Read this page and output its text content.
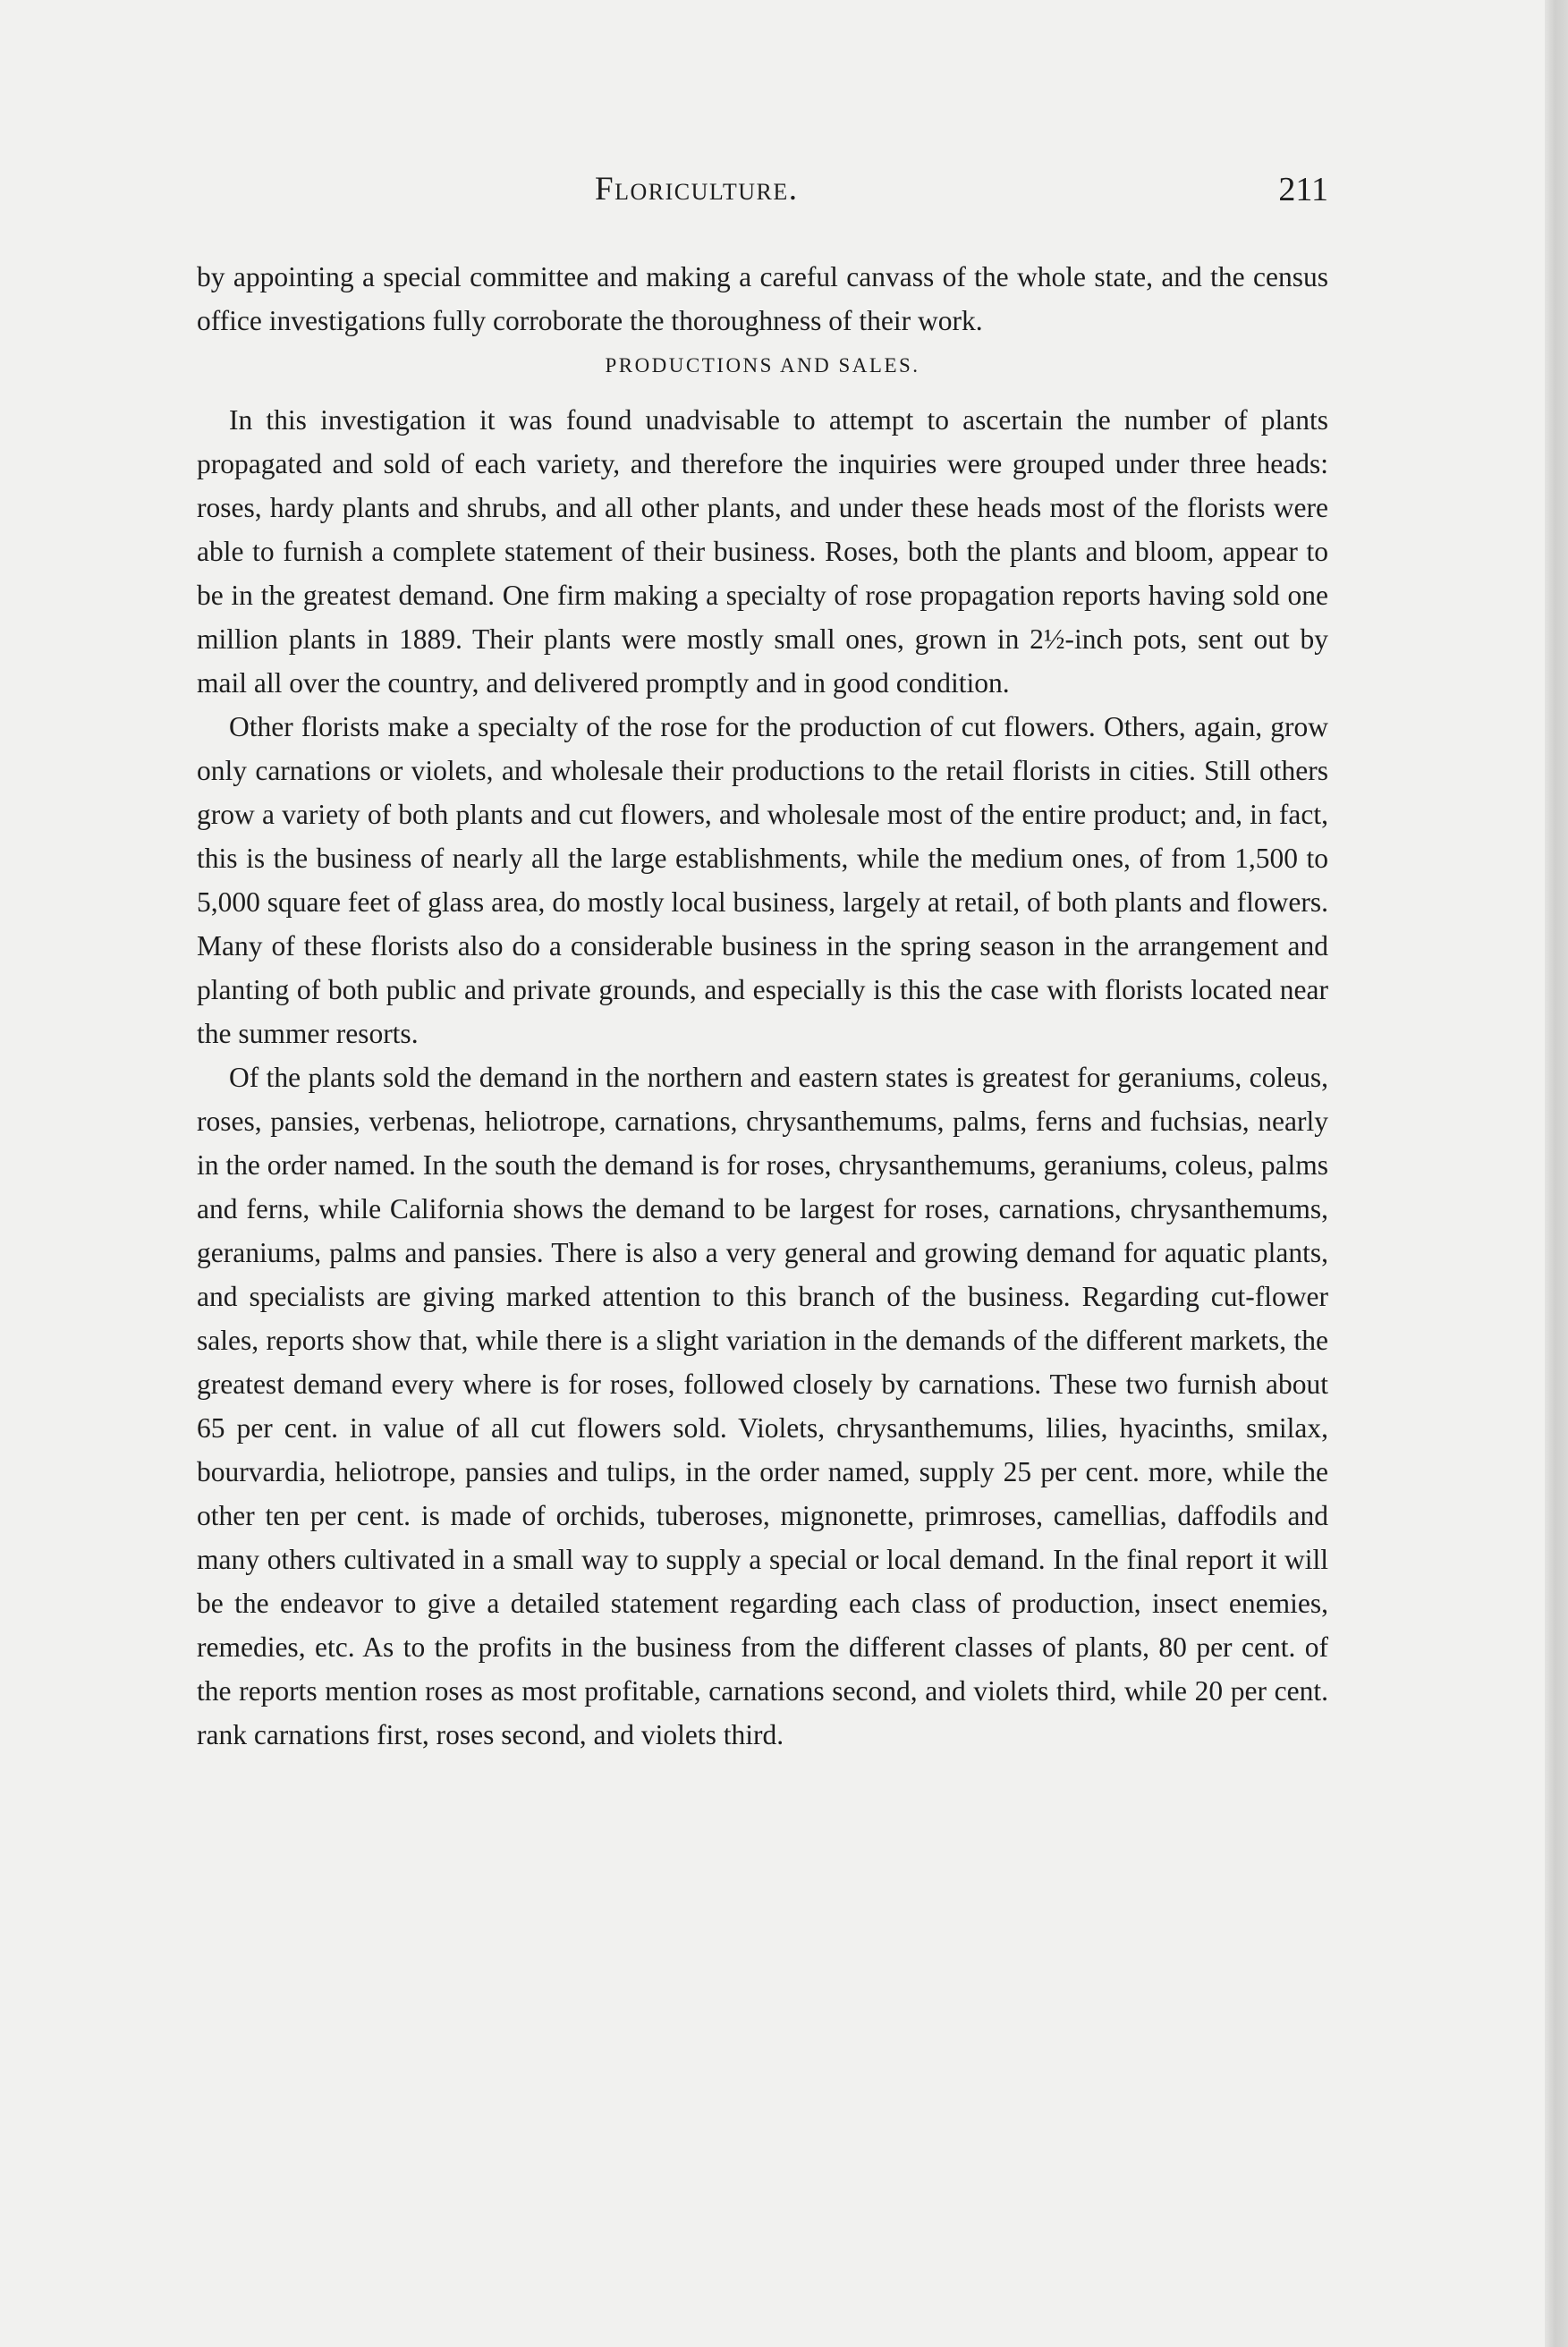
Floriculture.	211

by appointing a special committee and making a careful canvass of the whole state, and the census office investigations fully corroborate the thoroughness of their work.

PRODUCTIONS AND SALES.

In this investigation it was found unadvisable to attempt to ascertain the number of plants propagated and sold of each variety, and therefore the inquiries were grouped under three heads: roses, hardy plants and shrubs, and all other plants, and under these heads most of the florists were able to furnish a complete statement of their business. Roses, both the plants and bloom, appear to be in the greatest demand. One firm making a specialty of rose propagation reports having sold one million plants in 1889. Their plants were mostly small ones, grown in 2½-inch pots, sent out by mail all over the country, and delivered promptly and in good condition.

Other florists make a specialty of the rose for the production of cut flowers. Others, again, grow only carnations or violets, and wholesale their productions to the retail florists in cities. Still others grow a variety of both plants and cut flowers, and wholesale most of the entire product; and, in fact, this is the business of nearly all the large establishments, while the medium ones, of from 1,500 to 5,000 square feet of glass area, do mostly local business, largely at retail, of both plants and flowers. Many of these florists also do a considerable business in the spring season in the arrangement and planting of both public and private grounds, and especially is this the case with florists located near the summer resorts.

Of the plants sold the demand in the northern and eastern states is greatest for geraniums, coleus, roses, pansies, verbenas, heliotrope, carnations, chrysanthemums, palms, ferns and fuchsias, nearly in the order named. In the south the demand is for roses, chrysanthemums, geraniums, coleus, palms and ferns, while California shows the demand to be largest for roses, carnations, chrysanthemums, geraniums, palms and pansies. There is also a very general and growing demand for aquatic plants, and specialists are giving marked attention to this branch of the business. Regarding cut-flower sales, reports show that, while there is a slight variation in the demands of the different markets, the greatest demand every where is for roses, followed closely by carnations. These two furnish about 65 per cent. in value of all cut flowers sold. Violets, chrysanthemums, lilies, hyacinths, smilax, bourvardia, heliotrope, pansies and tulips, in the order named, supply 25 per cent. more, while the other ten per cent. is made of orchids, tuberoses, mignonette, primroses, camellias, daffodils and many others cultivated in a small way to supply a special or local demand. In the final report it will be the endeavor to give a detailed statement regarding each class of production, insect enemies, remedies, etc. As to the profits in the business from the different classes of plants, 80 per cent. of the reports mention roses as most profitable, carnations second, and violets third, while 20 per cent. rank carnations first, roses second, and violets third.
